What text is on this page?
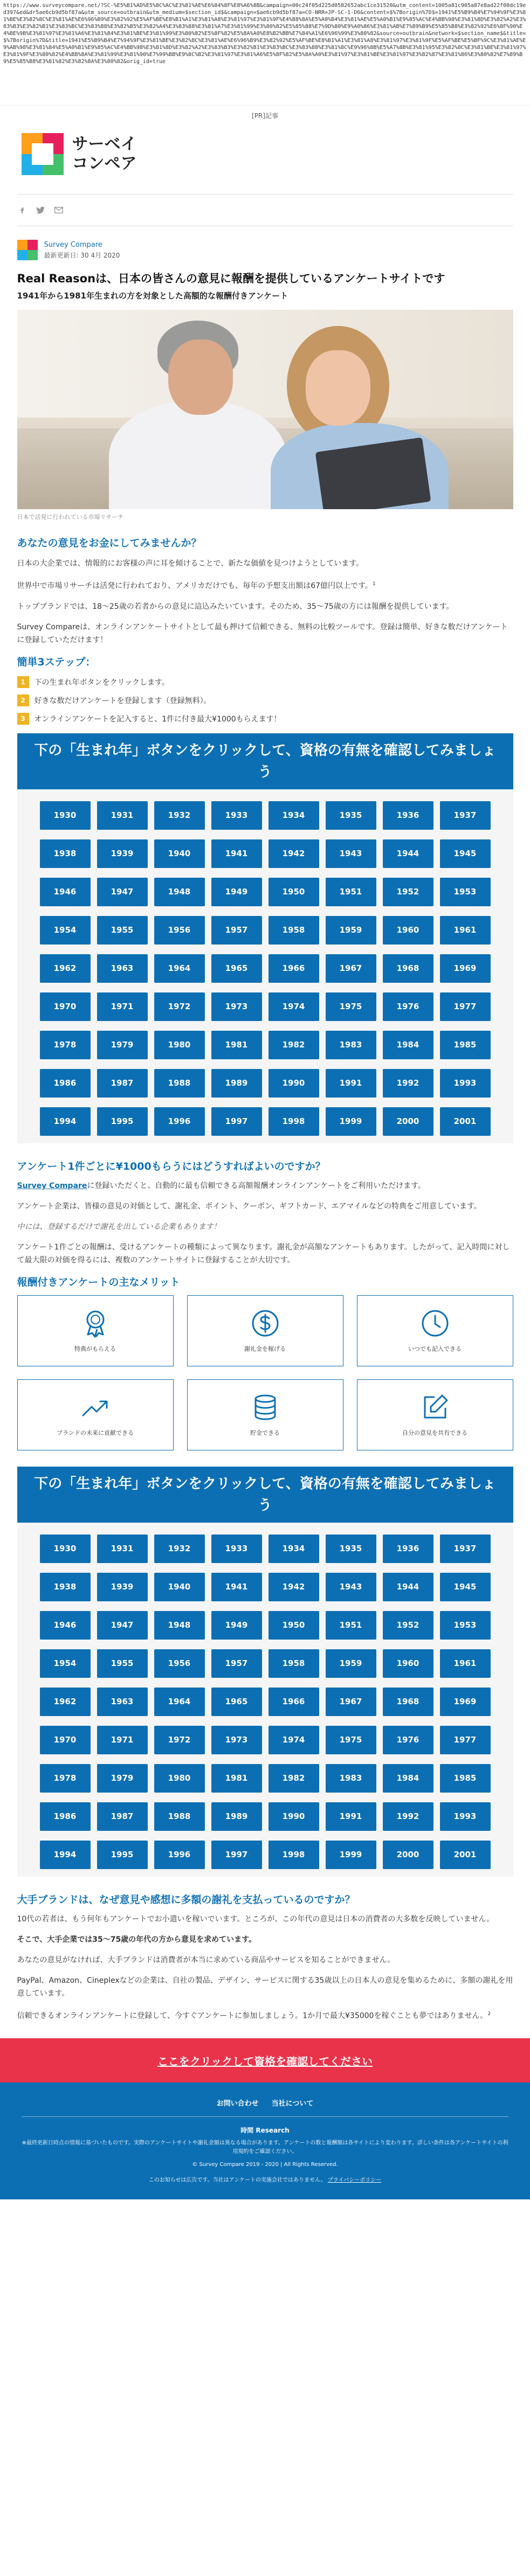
https://www.surveycompare.net/?SC-%E5%B1%AD%E5%8C%AC%E3%81%AE%E6%84%8F%E8%A6%8B&campaign=00c24f05d225d0582652abc1ce31520&utm_content=1005a81c905a87e8ad22f00dc19ed397&ed&dr5ae6cb9d5bf87a&utm_source=outbrain&utm_medium=$section_id$&campaign=$ae6cb9d5bf87a=CO-NRR=JP-SC-1-D6&content=$%7Borigin%7D$=1941%E5%B9%B4%E7%94%9F%E3%81%BE%E3%82%8C%E3%81%AE%E6%96%B9%E3%82%92%E5%AF%BE%E8%B1%A1%E3%81%A8%E3%81%97%E3%81%9F%E4%B8%8A%E5%A0%B4%E3%81%AE%E5%A0%B1%E9%85%AC%E4%BB%98%E3%81%8D%E3%82%A2%E3%83%B3%E3%82%B1%E3%83%BC%E3%83%88%E3%82%B5%E3%82%A4%E3%83%88%E3%81%A7%E3%81%99%E3%80%82%E5%85%88%E7%9D%80%E9%A0%86%E3%81%AB%E7%89%B9%E5%85%B8%E3%82%92%E6%8F%90%E4%BE%9B%E3%81%97%E3%81%A6%E3%81%84%E3%81%BE%E3%81%99%E3%80%82%E5%8F%82%E5%8A%A0%E8%B2%BB%E7%84%A1%E6%96%99%E3%80%82&source=outbrain&network=$section_name$&title=$%7Borigin%7D&title=1941%E5%B9%B4%E7%94%9F%E3%81%BE%E3%82%8C%E3%81%AE%E6%96%B9%E3%82%92%E5%AF%BE%E8%B1%A1%E3%81%A8%E3%81%97%E3%81%9F%E5%AF%BE%E5%BF%9C%E3%81%AE%E9%AB%98%E3%81%84%E5%A0%B1%E9%85%AC%E4%BB%98%E3%81%8D%E3%82%A2%E3%83%B3%E3%82%B1%E3%83%BC%E3%83%88%E3%81%8C%E9%96%8B%E5%A7%8B%E3%81%95%E3%82%8C%E3%81%BE%E3%81%97%E3%81%9F%E3%80%82%E4%BB%8A%E3%81%99%E3%81%90%E7%99%BB%E9%8C%B2%E3%81%97%E3%81%A6%E5%8F%82%E5%8A%A0%E3%81%97%E3%81%BE%E3%81%97%E3%82%87%E3%81%86%E3%80%82%E7%89%B9%E5%85%B8%E3%81%82%E3%82%8A%E3%80%82&orig_id=true
[PR]記事
サーベイ
コンペア
Survey Compare
最新更新日: 30 4月 2020
Real Reasonは、日本の皆さんの意見に報酬を提供しているアンケートサイトです
1941年から1981年生まれの方を対象とした高額的な報酬付きアンケート
日本で活発に行われている市場リサーチ
あなたの意見をお金にしてみませんか？

日本の大企業では、情報的にお客様の声に耳を傾けることで、新たな価値を見つけようとしています。

世界中で市場リサーチは活発に行われており、アメリカだけでも、毎年の予想支出額は67億円以上です。$^1$

トップブランドでは、18～25歳の若者からの意見に這込みたいています。そのため、35～75歳の方には報酬を提供しています。

Survey Compareは、オンラインアンケートサイトとして最も押けて信頼できる、無料の比較ツールです。登録は簡単、好きな数だけアンケートに登録していただけます！

簡単3ステップ：
1	下の生まれ年ボタンをクリックします。
2	好きな数だけアンケートを登録します（登録無料）。
3	オンラインアンケートを記入すると、1件に付き最大¥1000もらえます！
下の「生まれ年」ボタンをクリックして、資格の有無を確認してみましょう
1930	1931	1932	1933	1934	1935	1936	1937
1938	1939	1940	1941	1942	1943	1944	1945
1946	1947	1948	1949	1950	1951	1952	1953
1954	1955	1956	1957	1958	1959	1960	1961
1962	1963	1964	1965	1966	1967	1968	1969
1970	1971	1972	1973	1974	1975	1976	1977
1978	1979	1980	1981	1982	1983	1984	1985
1986	1987	1988	1989	1990	1991	1992	1993
1994	1995	1996	1997	1998	1999	2000	2001
アンケート1件ごとに¥1000もらうにはどうすればよいのですか？

Survey Compareに登録いただくと、自動的に最も信頼できる高額報酬オンラインアンケートをご利用いただけます。

アンケート企業は、皆様の意見の対価として、謝礼金、ポイント、クーポン、ギフトカード、エアマイルなどの特典をご用意しています。

中には、登録するだけで謝礼を出している企業もあります！

アンケート1件ごとの報酬は、受けるアンケートの種類によって異なります。謝礼金が高額なアンケートもあります。したがって、記入時間に対して最大限の対価を得るには、複数のアンケートサイトに登録することが大切です。

報酬付きアンケートの主なメリット
特典がもらえる	謝礼金を稼げる	いつでも記入できる
ブランドの未来に貢献できる	貯金できる	自分の意見を共有できる
下の「生まれ年」ボタンをクリックして、資格の有無を確認してみましょう
1930	1931	1932	1933	1934	1935	1936	1937
1938	1939	1940	1941	1942	1943	1944	1945
1946	1947	1948	1949	1950	1951	1952	1953
1954	1955	1956	1957	1958	1959	1960	1961
1962	1963	1964	1965	1966	1967	1968	1969
1970	1971	1972	1973	1974	1975	1976	1977
1978	1979	1980	1981	1982	1983	1984	1985
1986	1987	1988	1989	1990	1991	1992	1993
1994	1995	1996	1997	1998	1999	2000	2001
大手ブランドは、なぜ意見や感想に多額の謝礼を支払っているのですか？

10代の若者は、もう何年もアンケートでお小遣いを稼いでいます。ところが、この年代の意見は日本の消費者の大多数を反映していません。

そこで、大手企業では35～75歳の年代の方から意見を求めています。

あなたの意見がなければ、大手ブランドは消費者が本当に求めている商品やサービスを知ることができません。

PayPal、Amazon、Cineplexなどの企業は、自社の製品、デザイン、サービスに関する35歳以上の日本人の意見を集めるために、多額の謝礼を用意しています。

信頼できるオンラインアンケートに登録して、今すぐアンケートに参加しましょう。1か月で最大¥35000を稼ぐことも夢ではありません。$^2$

ここをクリックして資格を確認してください
お問い合わせ 当社について
時間 Research
※最終更新日時点の情報に基づいたものです。実際のアンケートサイトや謝礼金額は異なる場合があります。アンケートの数と報酬額は各サイトにより変わります。詳しい条件は各アンケートサイトの利用規約をご確認ください。
© Survey Compare 2019 - 2020 | All Rights Reserved.
このお知らせは広告です。当社はアンケートの実施会社ではありません。 プライバシーポリシー
